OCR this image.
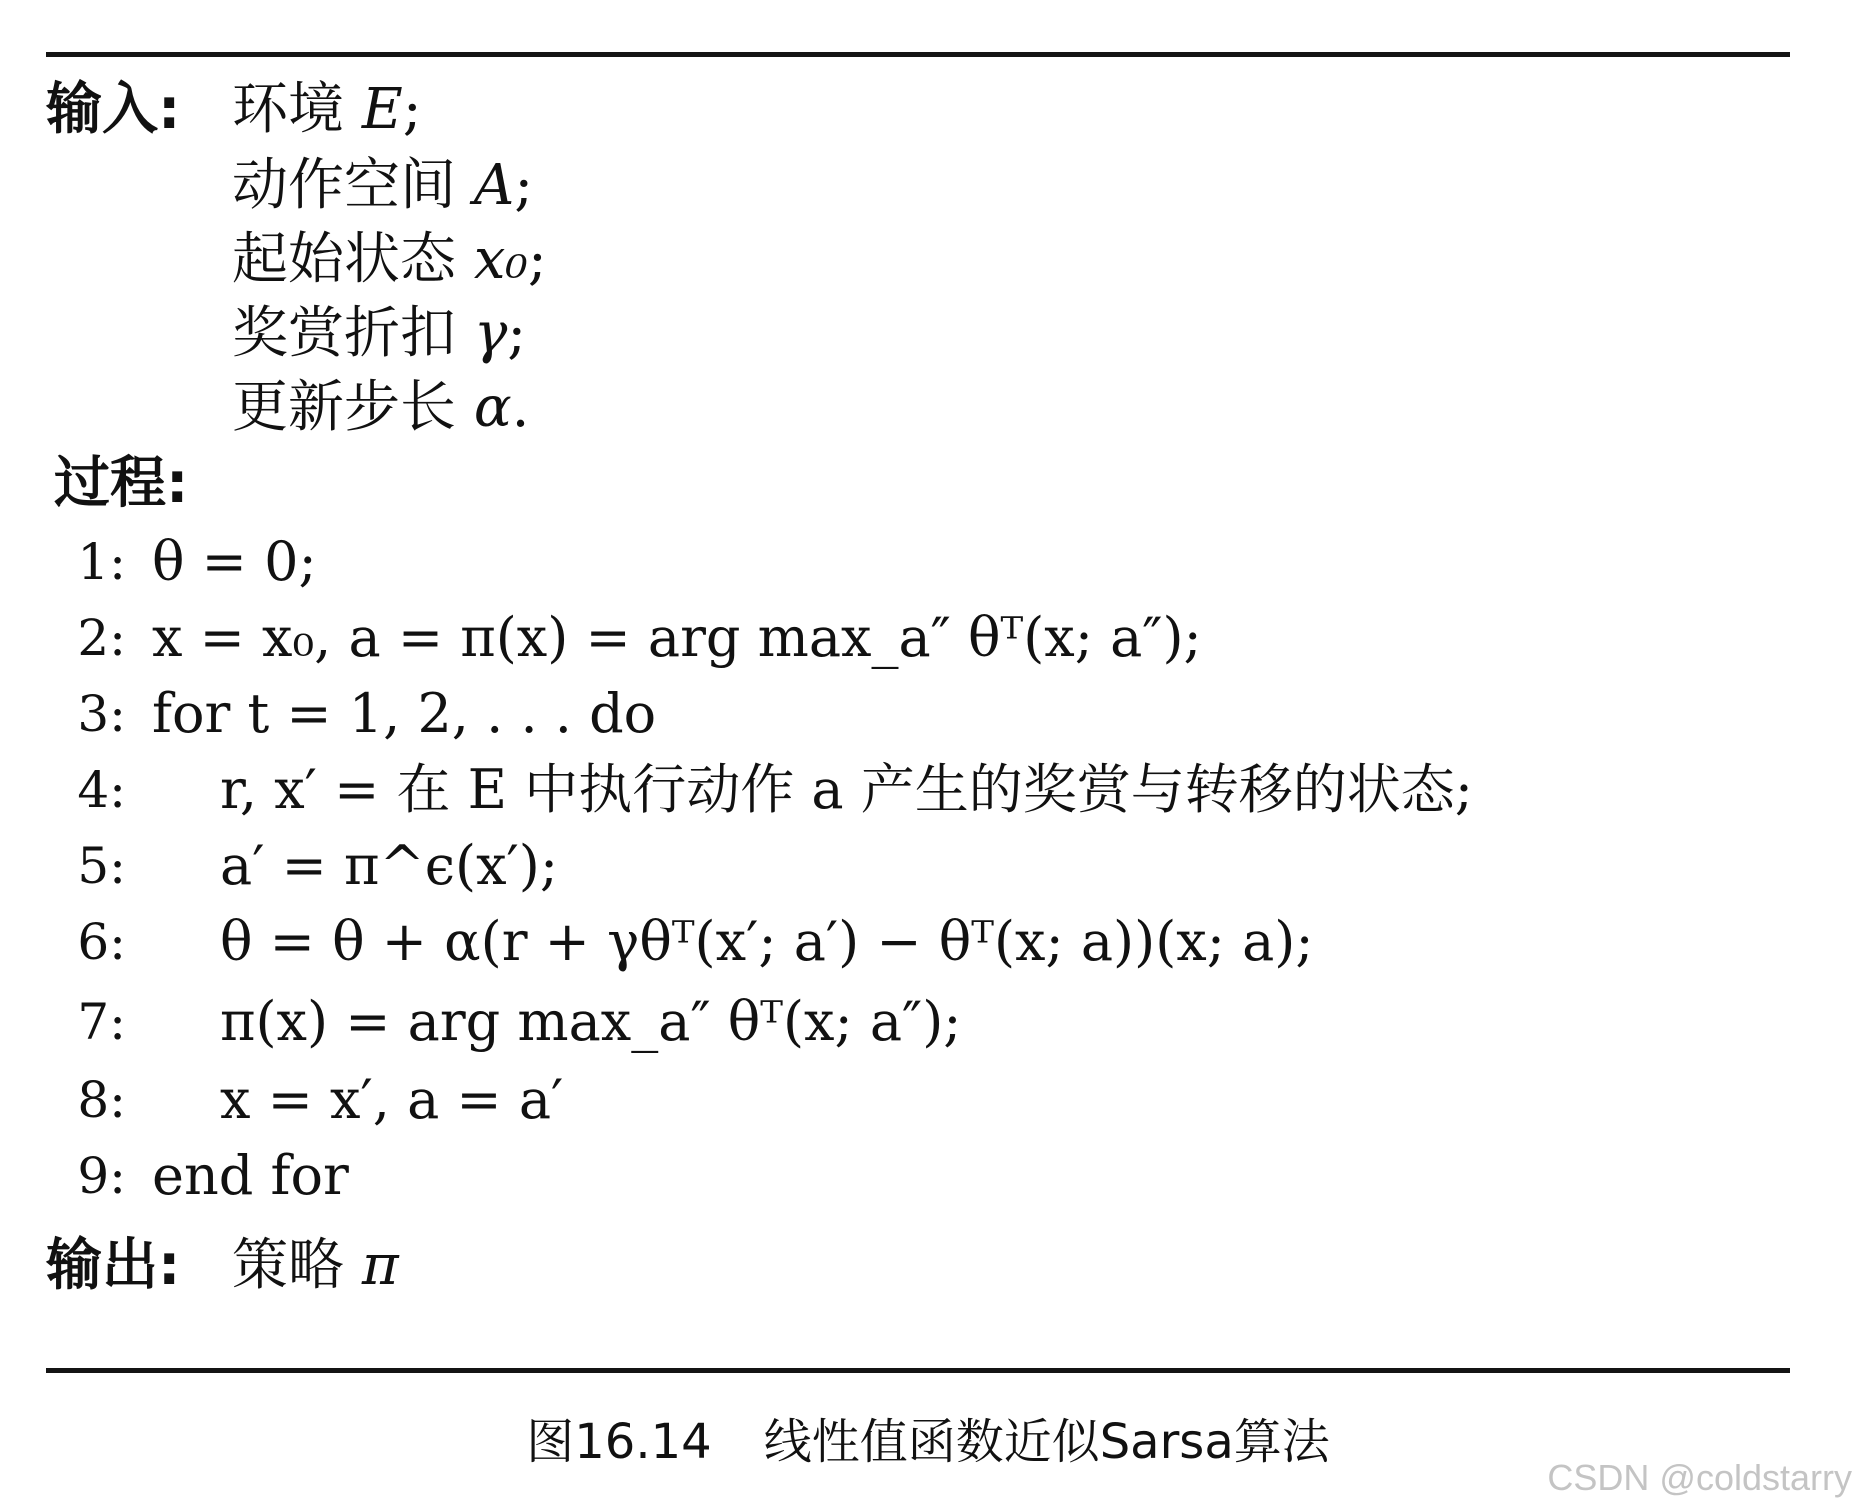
输入: 环境 E;
动作空间 A;
起始状态 x₀;
奖赏折扣 γ;
更新步长 α.
过程:
1: θ = 0;
2: x = x₀, a = π(x) = arg max_a″ θᵀ(x; a″);
3: for t = 1, 2, . . . do
4: r, x′ = 在 E 中执行动作 a 产生的奖赏与转移的状态;
5: a′ = π^ϵ(x′);
6: θ = θ + α(r + γθᵀ(x′; a′) − θᵀ(x; a))(x; a);
7: π(x) = arg max_a″ θᵀ(x; a″);
8: x = x′, a = a′
9: end for
输出: 策略 π
图16.14 线性值函数近似Sarsa算法
CSDN @coldstarry
